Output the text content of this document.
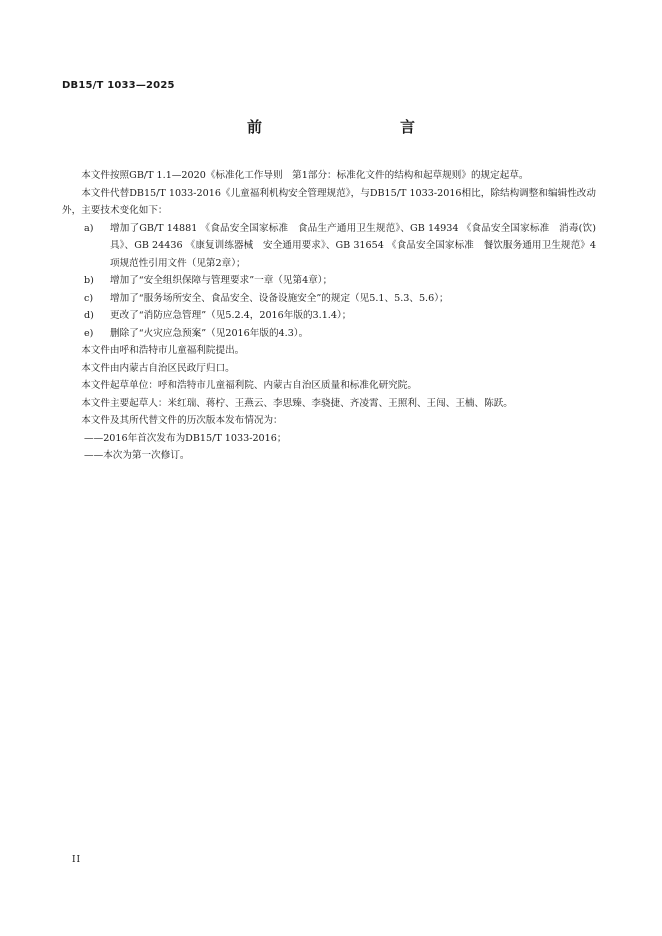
DB15/T 1033—2025
前　　言

本文件按照GB/T 1.1—2020《标准化工作导则　第1部分：标准化文件的结构和起草规则》的规定起草。

本文件代替DB15/T 1033-2016《儿童福利机构安全管理规范》，与DB15/T 1033-2016相比，除结构调整和编辑性改动外，主要技术变化如下：

a) 增加了GB/T 14881 《食品安全国家标准　食品生产通用卫生规范》、GB 14934 《食品安全国家标准　消毒(饮)具》、GB 24436 《康复训练器械　安全通用要求》、GB 31654 《食品安全国家标准　餐饮服务通用卫生规范》4项规范性引用文件（见第2章）；

b) 增加了“安全组织保障与管理要求”一章（见第4章）；

c) 增加了“服务场所安全、食品安全、设备设施安全”的规定（见5.1、5.3、5.6）；

d) 更改了“消防应急管理”（见5.2.4，2016年版的3.1.4）；

e) 删除了“火灾应急预案”（见2016年版的4.3）。

本文件由呼和浩特市儿童福利院提出。

本文件由内蒙古自治区民政厅归口。

本文件起草单位：呼和浩特市儿童福利院、内蒙古自治区质量和标准化研究院。

本文件主要起草人：米红瑞、蒋柠、王燕云、李思臻、李骁捷、齐凌霄、王照利、王闯、王楠、陈跃。

本文件及其所代替文件的历次版本发布情况为：

——2016年首次发布为DB15/T 1033-2016；

——本次为第一次修订。

II
